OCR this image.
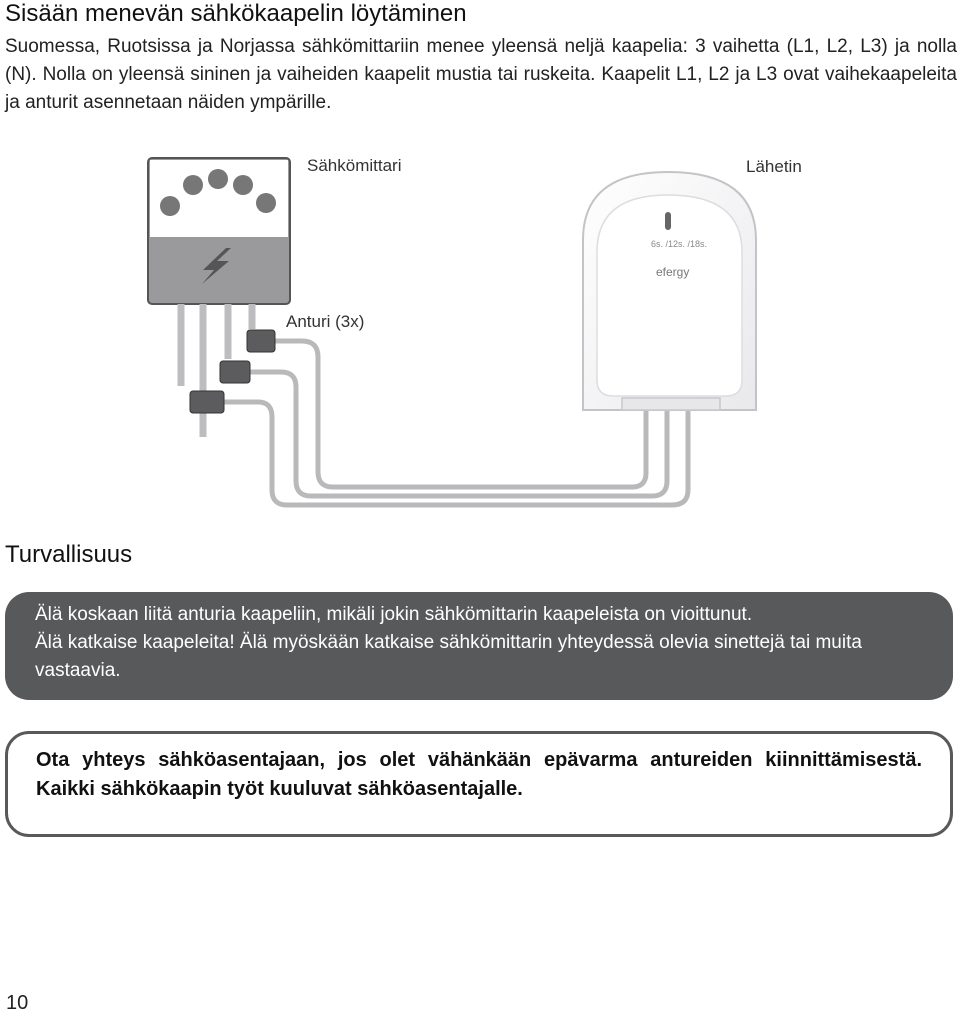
Sisään menevän sähkökaapelin löytäminen
Suomessa, Ruotsissa ja Norjassa sähkömittariin menee yleensä neljä kaapelia: 3 vaihetta (L1, L2, L3) ja nolla (N). Nolla on yleensä sininen ja vaiheiden kaapelit mustia tai ruskeita. Kaapelit L1, L2 ja L3 ovat vaihekaapeleita ja anturit asennetaan näiden ympärille.
Sähkömittari	Lähetin
Anturi (3x)
6s. /12s. /18s.
efergy
Turvallisuus

Älä koskaan liitä anturia kaapeliin, mikäli jokin sähkömittarin kaapeleista on vioittunut.

Älä katkaise kaapeleita! Älä myöskään katkaise sähkömittarin yhteydessä olevia sinettejä tai muita vastaavia.

Ota yhteys sähköasentajaan, jos olet vähänkään epävarma antureiden kiinnittämisestä. Kaikki sähkökaapin työt kuuluvat sähköasentajalle.
10
